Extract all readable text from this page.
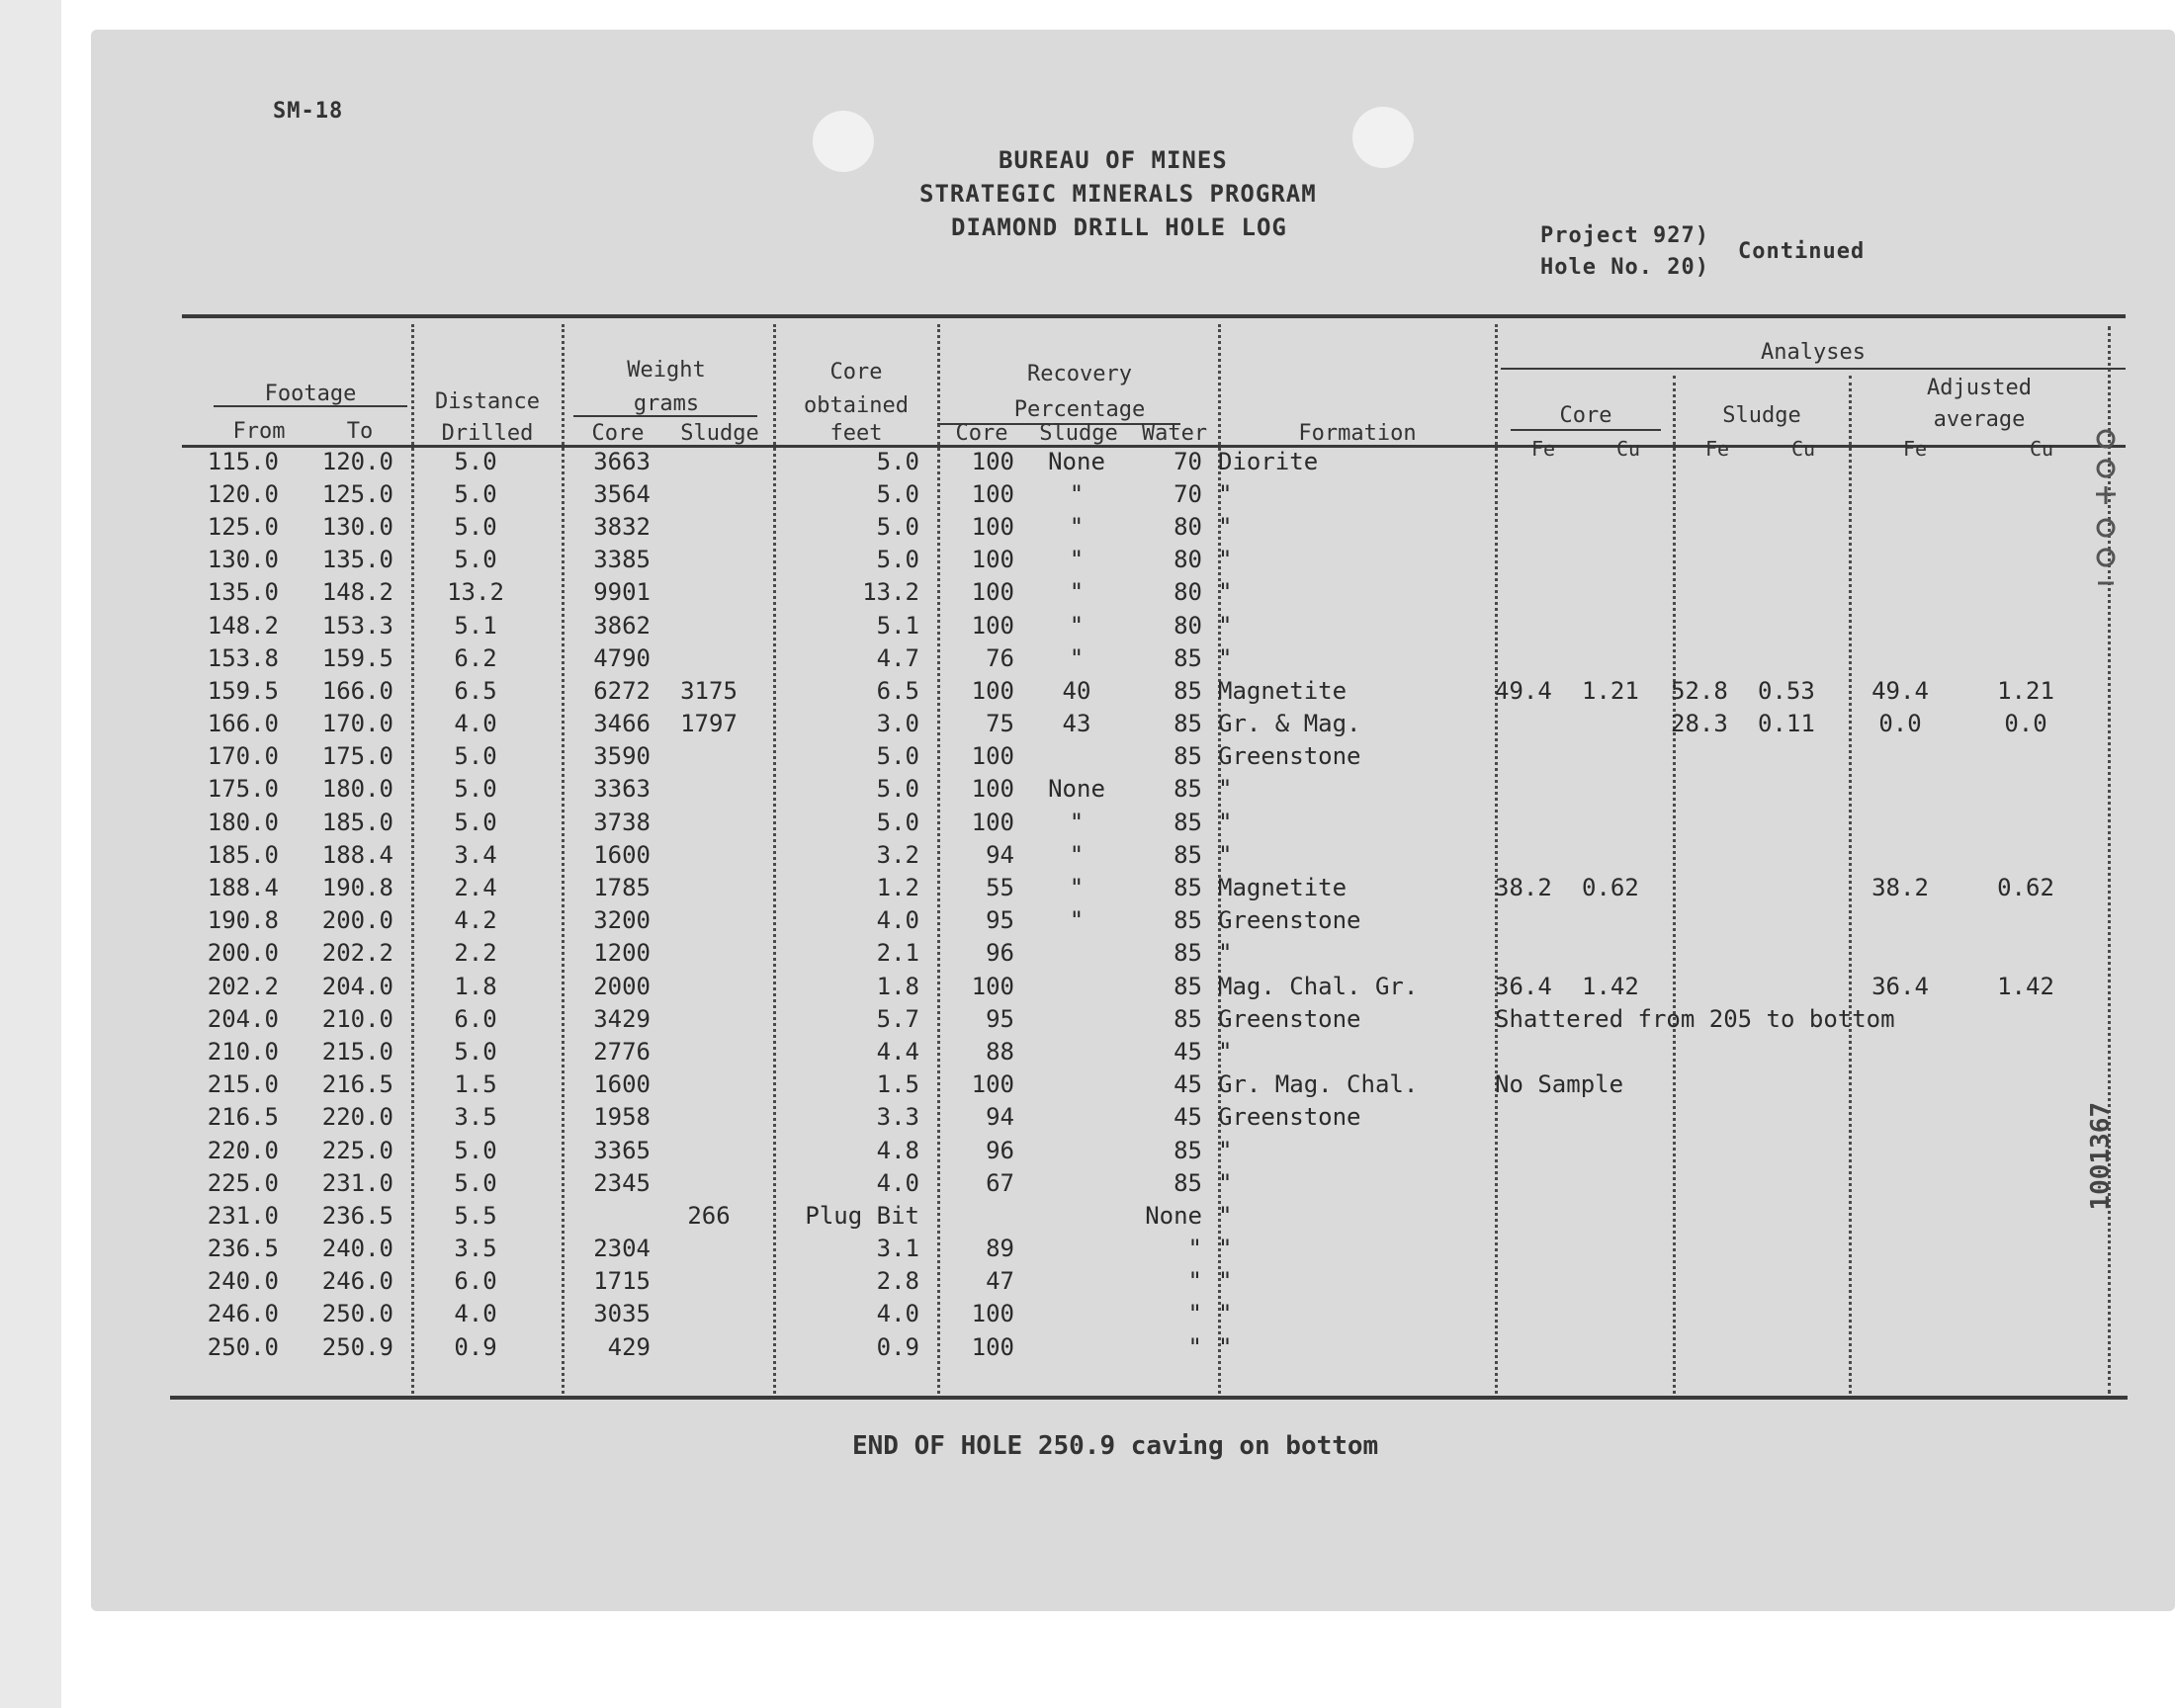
SM-18
BUREAU OF MINES
STRATEGIC MINERALS PROGRAM
DIAMOND DRILL HOLE LOG	Project 927)
Hole No. 20)
Continued
Footage
From	To
Distance
Drilled
Weight
grams
Core	Sludge
Core
obtained
feet
Recovery
Percentage
Core	Sludge	Water	Formation
Analyses
Core	Sludge
Adjusted
average
Fe	Cu	Fe	Cu	Fe	Cu
115.0	120.0	5.0	3663		5.0	100	None	70	Diorite						
120.0	125.0	5.0	3564		5.0	100	"	70	"						
125.0	130.0	5.0	3832		5.0	100	"	80	"						
130.0	135.0	5.0	3385		5.0	100	"	80	"						
135.0	148.2	13.2	9901		13.2	100	"	80	"						
148.2	153.3	5.1	3862		5.1	100	"	80	"						
153.8	159.5	6.2	4790		4.7	76	"	85	"						
159.5	166.0	6.5	6272	3175	6.5	100	40	85	Magnetite	49.4	1.21	52.8	0.53	49.4	1.21
166.0	170.0	4.0	3466	1797	3.0	75	43	85	Gr. & Mag.			28.3	0.11	0.0	0.0
170.0	175.0	5.0	3590		5.0	100		85	Greenstone						
175.0	180.0	5.0	3363		5.0	100	None	85	"						
180.0	185.0	5.0	3738		5.0	100	"	85	"						
185.0	188.4	3.4	1600		3.2	94	"	85	"						
188.4	190.8	2.4	1785		1.2	55	"	85	Magnetite	38.2	0.62			38.2	0.62
190.8	200.0	4.2	3200		4.0	95	"	85	Greenstone						
200.0	202.2	2.2	1200		2.1	96		85	"						
202.2	204.0	1.8	2000		1.8	100		85	Mag. Chal. Gr.	36.4	1.42			36.4	1.42
204.0	210.0	6.0	3429		5.7	95		85	Greenstone	Shattered from 205 to bottom					
210.0	215.0	5.0	2776		4.4	88		45	"						
215.0	216.5	1.5	1600		1.5	100		45	Gr. Mag. Chal.	No Sample					
216.5	220.0	3.5	1958		3.3	94		45	Greenstone						
220.0	225.0	5.0	3365		4.8	96		85	"						
225.0	231.0	5.0	2345		4.0	67		85	"						
231.0	236.5	5.5		266	Plug Bit			None	"						
236.5	240.0	3.5	2304		3.1	89		"	"						
240.0	246.0	6.0	1715		2.8	47		"	"						
246.0	250.0	4.0	3035		4.0	100		"	"						
250.0	250.9	0.9	429		0.9	100		"	"						
1001367
END OF HOLE 250.9 caving on bottom
